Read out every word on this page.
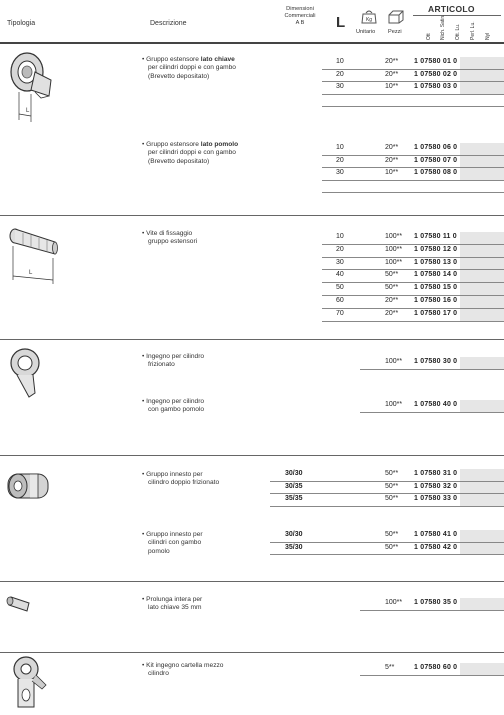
Tipologia	Descrizione
Dimensioni
Commerciali
A B	L	Kg
Unitario Pezzi
ARTICOLO
Ott Nich. Satin. Ott. Lu. Perl. Lu. Nyl
L
L
• Gruppo estensore lato chiave
per cilindri doppi e con gambo
(Brevetto depositato)
10	20** 1 07580 01 0
20	20** 1 07580 02 0
30	10** 1 07580 03 0
• Gruppo estensore lato pomolo
per cilindri doppi e con gambo
(Brevetto depositato)
10	20** 1 07580 06 0
20	20** 1 07580 07 0
30	10** 1 07580 08 0
• Vite di fissaggio
gruppo estensori
10	100** 1 07580 11 0
20	100** 1 07580 12 0
30	100** 1 07580 13 0
40	50** 1 07580 14 0
50	50** 1 07580 15 0
60	20** 1 07580 16 0
70	20** 1 07580 17 0
• Ingegno per cilindro
frizionato	100** 1 07580 30 0
• Ingegno per cilindro
con gambo pomolo
100** 1 07580 40 0
• Gruppo innesto per
cilindro doppio frizionato
30/30	50** 1 07580 31 0
30/35	50** 1 07580 32 0
35/35	50** 1 07580 33 0
• Gruppo innesto per
cilindri con gambo
pomolo
30/30	50** 1 07580 41 0
35/30	50** 1 07580 42 0
• Prolunga intera per
lato chiave 35 mm
100** 1 07580 35 0
• Kit ingegno cartella mezzo
cilindro
5**	1 07580 60 0
